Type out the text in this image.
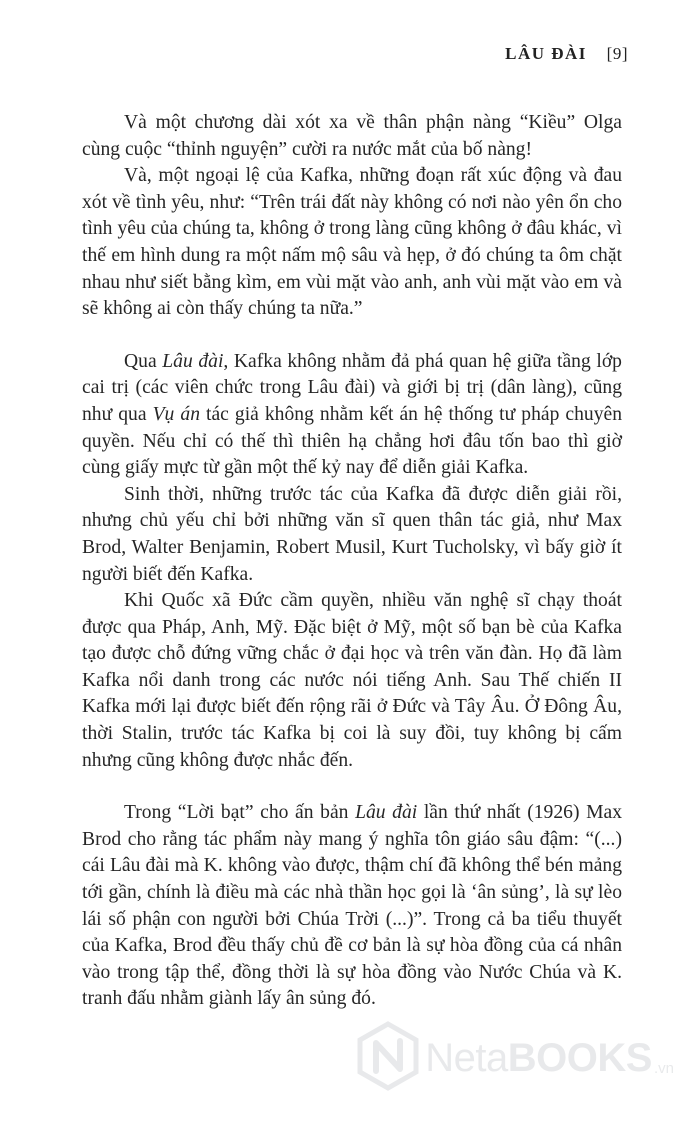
LÂU ĐÀI [9]

Và một chương dài xót xa về thân phận nàng “Kiều” Olga cùng cuộc “thỉnh nguyện” cười ra nước mắt của bố nàng!

Và, một ngoại lệ của Kafka, những đoạn rất xúc động và đau xót về tình yêu, như: “Trên trái đất này không có nơi nào yên ổn cho tình yêu của chúng ta, không ở trong làng cũng không ở đâu khác, vì thế em hình dung ra một nấm mộ sâu và hẹp, ở đó chúng ta ôm chặt nhau như siết bằng kìm, em vùi mặt vào anh, anh vùi mặt vào em và sẽ không ai còn thấy chúng ta nữa.”

Qua Lâu đài, Kafka không nhằm đả phá quan hệ giữa tầng lớp cai trị (các viên chức trong Lâu đài) và giới bị trị (dân làng), cũng như qua Vụ án tác giả không nhằm kết án hệ thống tư pháp chuyên quyền. Nếu chỉ có thế thì thiên hạ chẳng hơi đâu tốn bao thì giờ cùng giấy mực từ gần một thế kỷ nay để diễn giải Kafka.

Sinh thời, những trước tác của Kafka đã được diễn giải rồi, nhưng chủ yếu chỉ bởi những văn sĩ quen thân tác giả, như Max Brod, Walter Benjamin, Robert Musil, Kurt Tucholsky, vì bấy giờ ít người biết đến Kafka.

Khi Quốc xã Đức cầm quyền, nhiều văn nghệ sĩ chạy thoát được qua Pháp, Anh, Mỹ. Đặc biệt ở Mỹ, một số bạn bè của Kafka tạo được chỗ đứng vững chắc ở đại học và trên văn đàn. Họ đã làm Kafka nổi danh trong các nước nói tiếng Anh. Sau Thế chiến II Kafka mới lại được biết đến rộng rãi ở Đức và Tây Âu. Ở Đông Âu, thời Stalin, trước tác Kafka bị coi là suy đồi, tuy không bị cấm nhưng cũng không được nhắc đến.

Trong “Lời bạt” cho ấn bản Lâu đài lần thứ nhất (1926) Max Brod cho rằng tác phẩm này mang ý nghĩa tôn giáo sâu đậm: “(...) cái Lâu đài mà K. không vào được, thậm chí đã không thể bén mảng tới gần, chính là điều mà các nhà thần học gọi là ‘ân sủng’, là sự lèo lái số phận con người bởi Chúa Trời (...)”. Trong cả ba tiểu thuyết của Kafka, Brod đều thấy chủ đề cơ bản là sự hòa đồng của cá nhân vào trong tập thể, đồng thời là sự hòa đồng vào Nước Chúa và K. tranh đấu nhằm giành lấy ân sủng đó.

NetaBOOKS .vn
